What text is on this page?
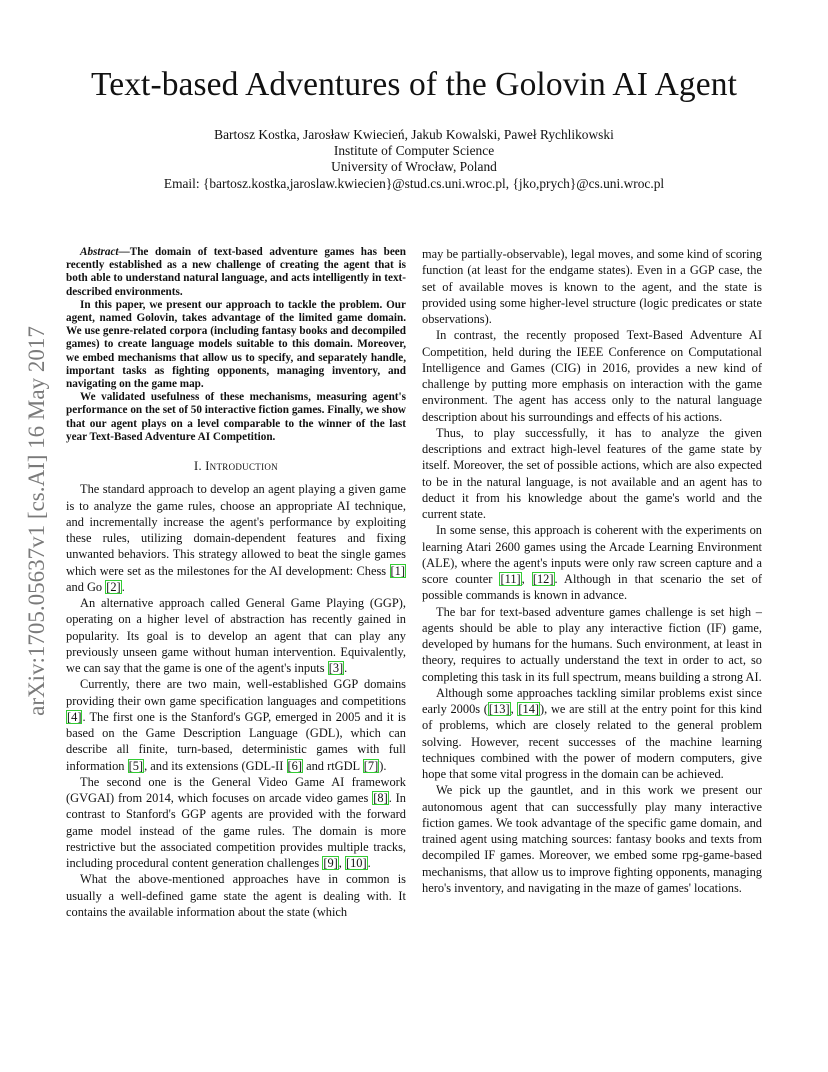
Text-based Adventures of the Golovin AI Agent
Bartosz Kostka, Jarosław Kwiecień, Jakub Kowalski, Paweł Rychlikowski
Institute of Computer Science
University of Wrocław, Poland
Email: {bartosz.kostka,jaroslaw.kwiecien}@stud.cs.uni.wroc.pl, {jko,prych}@cs.uni.wroc.pl
arXiv:1705.05637v1 [cs.AI] 16 May 2017

Abstract—The domain of text-based adventure games has been recently established as a new challenge of creating the agent that is both able to understand natural language, and acts intelligently in text-described environments.

In this paper, we present our approach to tackle the problem. Our agent, named Golovin, takes advantage of the limited game domain. We use genre-related corpora (including fantasy books and decompiled games) to create language models suitable to this domain. Moreover, we embed mechanisms that allow us to specify, and separately handle, important tasks as fighting opponents, managing inventory, and navigating on the game map.

We validated usefulness of these mechanisms, measuring agent's performance on the set of 50 interactive fiction games. Finally, we show that our agent plays on a level comparable to the winner of the last year Text-Based Adventure AI Competition.

I. Introduction

The standard approach to develop an agent playing a given game is to analyze the game rules, choose an appropriate AI technique, and incrementally increase the agent's performance by exploiting these rules, utilizing domain-dependent features and fixing unwanted behaviors. This strategy allowed to beat the single games which were set as the milestones for the AI development: Chess [1] and Go [2].

An alternative approach called General Game Playing (GGP), operating on a higher level of abstraction has recently gained in popularity. Its goal is to develop an agent that can play any previously unseen game without human intervention. Equivalently, we can say that the game is one of the agent's inputs [3].

Currently, there are two main, well-established GGP domains providing their own game specification languages and competitions [4]. The first one is the Stanford's GGP, emerged in 2005 and it is based on the Game Description Language (GDL), which can describe all finite, turn-based, deterministic games with full information [5], and its extensions (GDL-II [6] and rtGDL [7]).

The second one is the General Video Game AI framework (GVGAI) from 2014, which focuses on arcade video games [8]. In contrast to Stanford's GGP agents are provided with the forward game model instead of the game rules. The domain is more restrictive but the associated competition provides multiple tracks, including procedural content generation challenges [9], [10].

What the above-mentioned approaches have in common is usually a well-defined game state the agent is dealing with. It contains the available information about the state (which

may be partially-observable), legal moves, and some kind of scoring function (at least for the endgame states). Even in a GGP case, the set of available moves is known to the agent, and the state is provided using some higher-level structure (logic predicates or state observations).

In contrast, the recently proposed Text-Based Adventure AI Competition, held during the IEEE Conference on Computational Intelligence and Games (CIG) in 2016, provides a new kind of challenge by putting more emphasis on interaction with the game environment. The agent has access only to the natural language description about his surroundings and effects of his actions.

Thus, to play successfully, it has to analyze the given descriptions and extract high-level features of the game state by itself. Moreover, the set of possible actions, which are also expected to be in the natural language, is not available and an agent has to deduct it from his knowledge about the game's world and the current state.

In some sense, this approach is coherent with the experiments on learning Atari 2600 games using the Arcade Learning Environment (ALE), where the agent's inputs were only raw screen capture and a score counter [11], [12]. Although in that scenario the set of possible commands is known in advance.

The bar for text-based adventure games challenge is set high – agents should be able to play any interactive fiction (IF) game, developed by humans for the humans. Such environment, at least in theory, requires to actually understand the text in order to act, so completing this task in its full spectrum, means building a strong AI.

Although some approaches tackling similar problems exist since early 2000s ([13], [14]), we are still at the entry point for this kind of problems, which are closely related to the general problem solving. However, recent successes of the machine learning techniques combined with the power of modern computers, give hope that some vital progress in the domain can be achieved.

We pick up the gauntlet, and in this work we present our autonomous agent that can successfully play many interactive fiction games. We took advantage of the specific game domain, and trained agent using matching sources: fantasy books and texts from decompiled IF games. Moreover, we embed some rpg-game-based mechanisms, that allow us to improve fighting opponents, managing hero's inventory, and navigating in the maze of games' locations.
